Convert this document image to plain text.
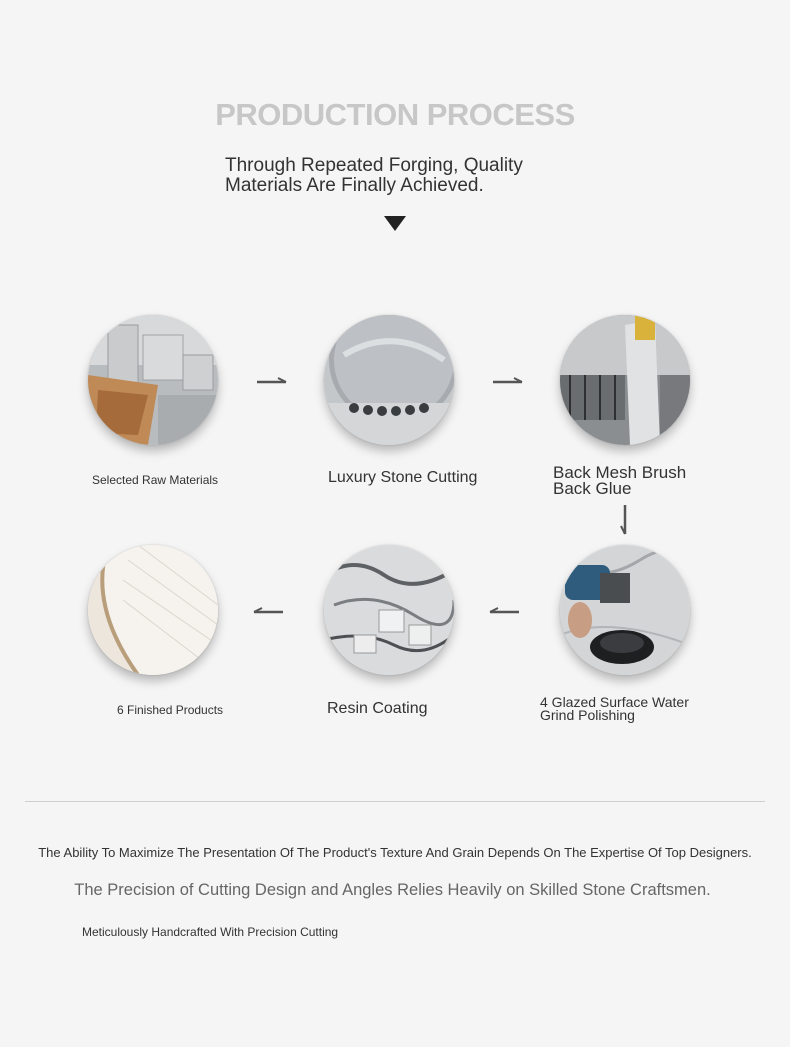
PRODUCTION PROCESS
Through Repeated Forging, Quality Materials Are Finally Achieved.
Selected Raw Materials	Luxury Stone Cutting	Back Mesh Brush Back Glue
4 Glazed Surface Water Grind Polishing
Resin Coating
6 Finished Products
The Ability To Maximize The Presentation Of The Product's Texture And Grain Depends On The Expertise Of Top Designers.
The Precision of Cutting Design and Angles Relies Heavily on Skilled Stone Craftsmen.
Meticulously Handcrafted With Precision Cutting
